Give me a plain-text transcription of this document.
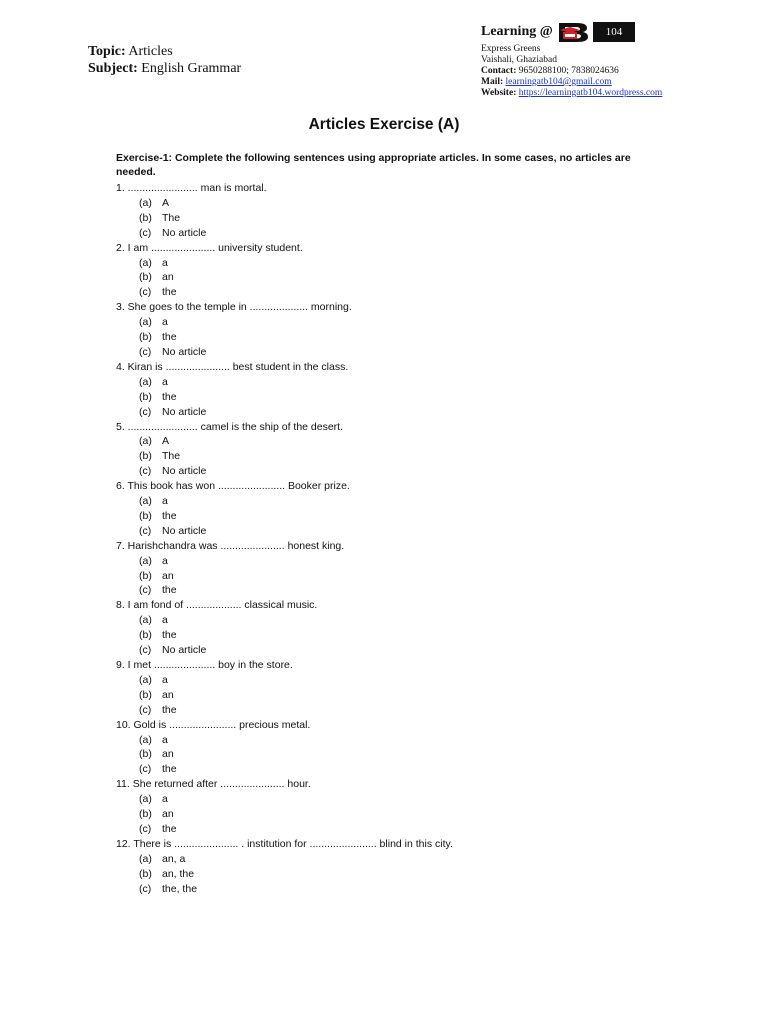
Topic: Articles
Subject: English Grammar
Learning @	104
Express Greens
Vaishali, Ghaziabad
Contact: 9650288100; 7838024636
Mail: learningatb104@gmail.com
Website: https://learningatb104.wordpress.com
Articles Exercise (A)

Exercise-1: Complete the following sentences using appropriate articles. In some cases, no articles are needed.

1. ........................ man is mortal.
(a) A
(b) The
(c)	No article
2. I am ...................... university student.
(a) a
(b) an
(c)	the
3. She goes to the temple in .................... morning.
(a) a
(b) the
(c)	No article
4. Kiran is ...................... best student in the class.
(a) a
(b) the
(c)	No article
5. ........................ camel is the ship of the desert.
(a) A
(b) The
(c)	No article
6. This book has won ....................... Booker prize.
(a) a
(b) the
(c)	No article
7. Harishchandra was ...................... honest king.
(a) a
(b) an
(c)	the
8. I am fond of ................... classical music.
(a) a
(b) the
(c)	No article
9. I met ..................... boy in the store.
(a) a
(b) an
(c)	the
10. Gold is ....................... precious metal.
(a) a
(b) an
(c)	the
11. She returned after ...................... hour.
(a) a
(b) an
(c)	the
12. There is ...................... . institution for ....................... blind in this city.
(a) an, a
(b) an, the
(c)	the, the
